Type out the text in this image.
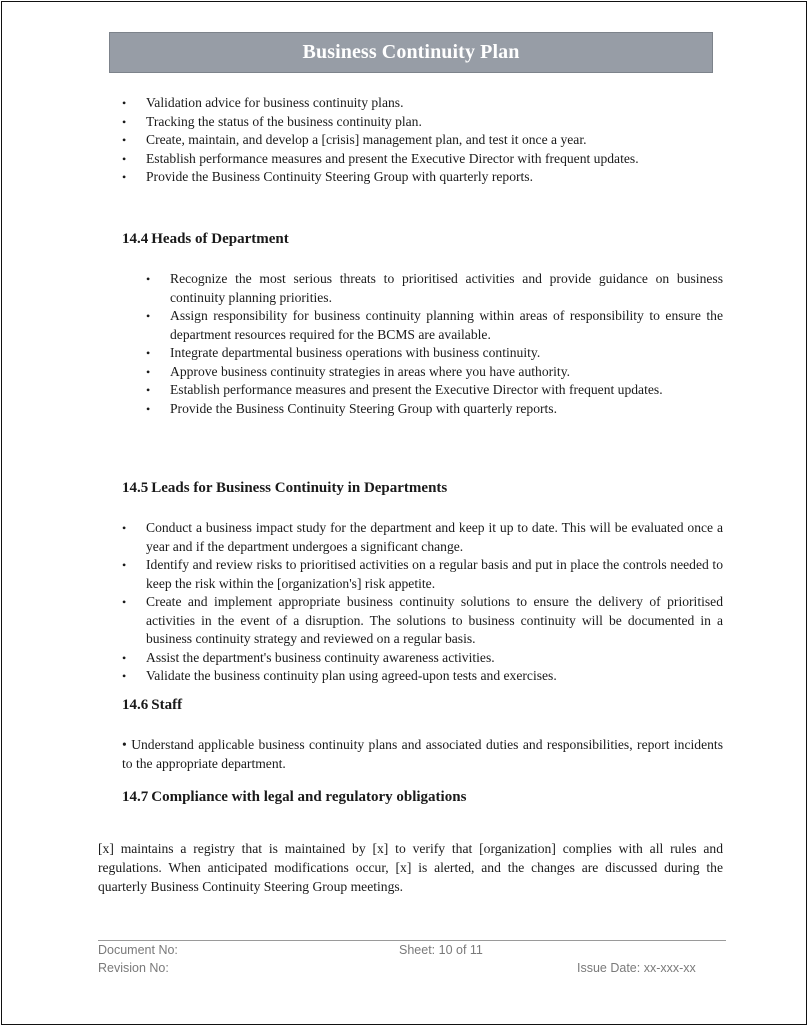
Business Continuity Plan
• Validation advice for business continuity plans.
• Tracking the status of the business continuity plan.
• Create, maintain, and develop a [crisis] management plan, and test it once a year.
• Establish performance measures and present the Executive Director with frequent updates.
• Provide the Business Continuity Steering Group with quarterly reports.
14.4 Heads of Department
• Recognize the most serious threats to prioritised activities and provide guidance on business continuity planning priorities.
• Assign responsibility for business continuity planning within areas of responsibility to ensure the department resources required for the BCMS are available.
• Integrate departmental business operations with business continuity.
• Approve business continuity strategies in areas where you have authority.
• Establish performance measures and present the Executive Director with frequent updates.
• Provide the Business Continuity Steering Group with quarterly reports.
14.5 Leads for Business Continuity in Departments
• Conduct a business impact study for the department and keep it up to date. This will be evaluated once a year and if the department undergoes a significant change.
• Identify and review risks to prioritised activities on a regular basis and put in place the controls needed to keep the risk within the [organization's] risk appetite.
• Create and implement appropriate business continuity solutions to ensure the delivery of prioritised activities in the event of a disruption. The solutions to business continuity will be documented in a business continuity strategy and reviewed on a regular basis.
• Assist the department's business continuity awareness activities.
• Validate the business continuity plan using agreed-upon tests and exercises.
14.6 Staff
• Understand applicable business continuity plans and associated duties and responsibilities, report incidents to the appropriate department.
14.7 Compliance with legal and regulatory obligations
[x] maintains a registry that is maintained by [x] to verify that [organization] complies with all rules and regulations. When anticipated modifications occur, [x] is alerted, and the changes are discussed during the quarterly Business Continuity Steering Group meetings.
Document No:	Sheet: 10 of 11
Revision No:	Issue Date: xx-xxx-xx
